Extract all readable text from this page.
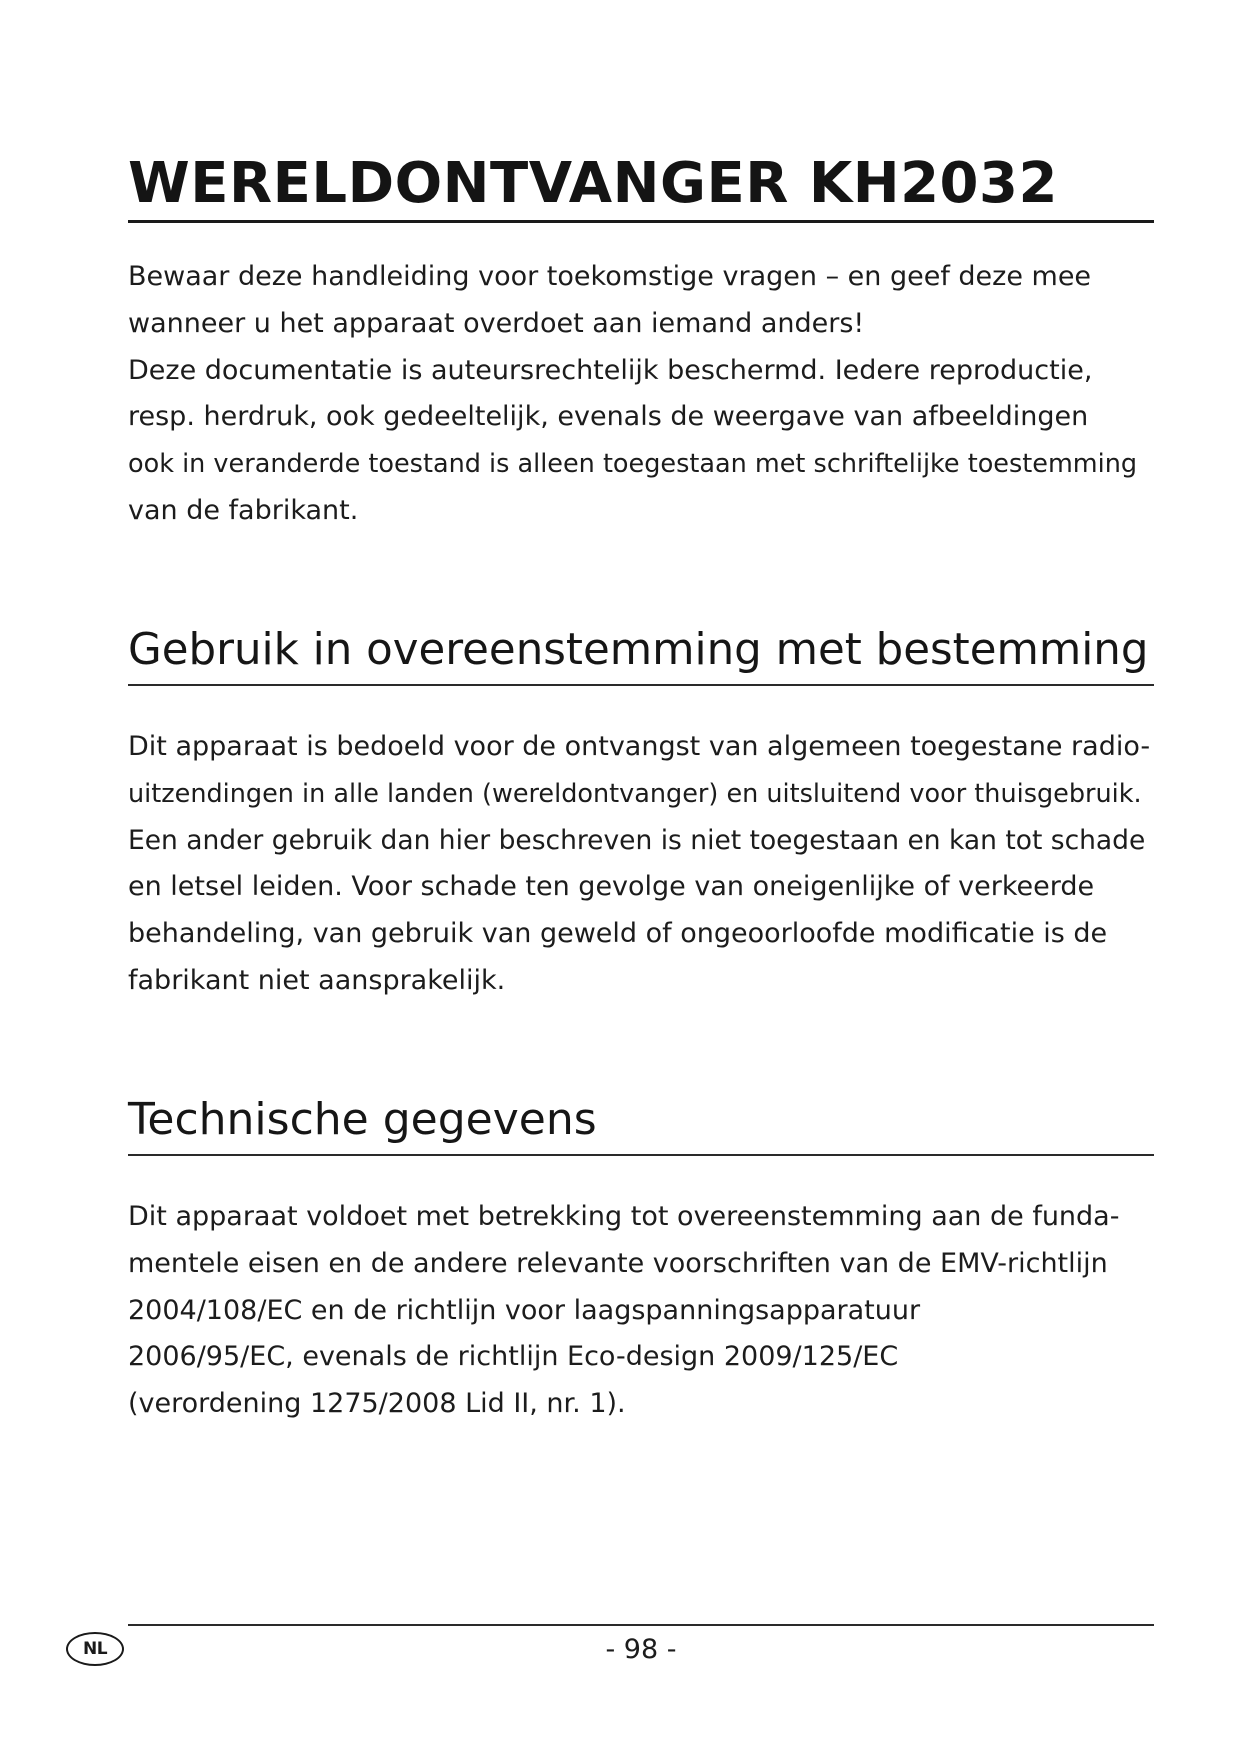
WERELDONTVANGER KH2032

Bewaar deze handleiding voor toekomstige vragen – en geef deze mee
wanneer u het apparaat overdoet aan iemand anders!
Deze documentatie is auteursrechtelijk beschermd. Iedere reproductie,
resp. herdruk, ook gedeeltelijk, evenals de weergave van afbeeldingen
ook in veranderde toestand is alleen toegestaan met schriftelijke toestemming
van de fabrikant.

Gebruik in overeenstemming met bestemming

Dit apparaat is bedoeld voor de ontvangst van algemeen toegestane radio-
uitzendingen in alle landen (wereldontvanger) en uitsluitend voor thuisgebruik.
Een ander gebruik dan hier beschreven is niet toegestaan en kan tot schade
en letsel leiden. Voor schade ten gevolge van oneigenlijke of verkeerde
behandeling, van gebruik van geweld of ongeoorloofde modificatie is de
fabrikant niet aansprakelijk.

Technische gegevens

Dit apparaat voldoet met betrekking tot overeenstemming aan de funda-
mentele eisen en de andere relevante voorschriften van de EMV-richtlijn
2004/108/EC en de richtlijn voor laagspanningsapparatuur
2006/95/EC, evenals de richtlijn Eco-design 2009/125/EC
(verordening 1275/2008 Lid II, nr. 1).

- 98 -
NL
